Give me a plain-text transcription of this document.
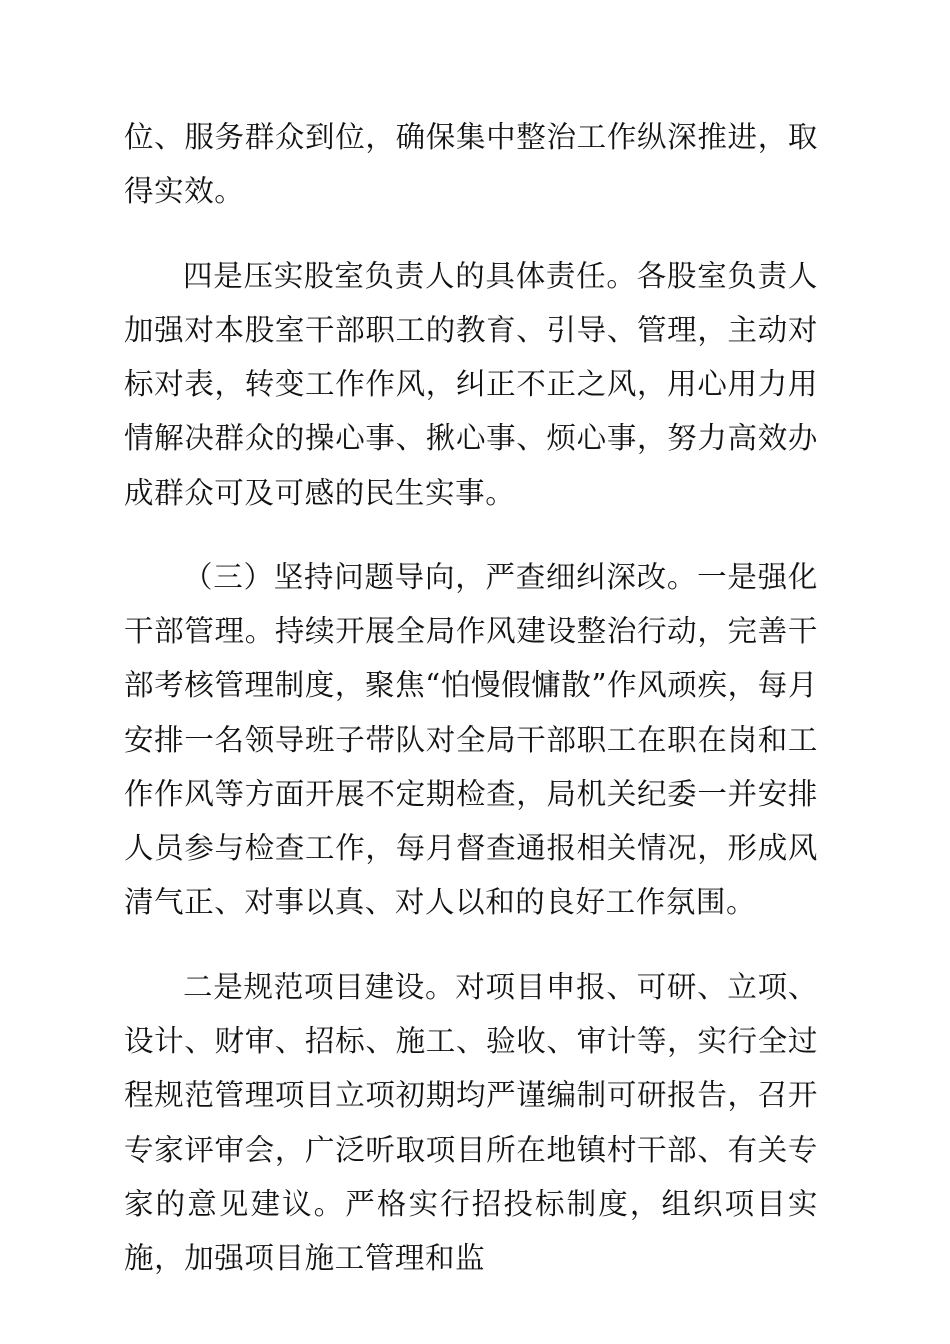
位、服务群众到位，确保集中整治工作纵深推进，取得实效。

四是压实股室负责人的具体责任。各股室负责人加强对本股室干部职工的教育、引导、管理，主动对标对表，转变工作作风，纠正不正之风，用心用力用情解决群众的操心事、揪心事、烦心事，努力高效办成群众可及可感的民生实事。

（三）坚持问题导向，严查细纠深改。一是强化干部管理。持续开展全局作风建设整治行动，完善干部考核管理制度，聚焦“怕慢假慵散”作风顽疾，每月安排一名领导班子带队对全局干部职工在职在岗和工作作风等方面开展不定期检查，局机关纪委一并安排人员参与检查工作，每月督查通报相关情况，形成风清气正、对事以真、对人以和的良好工作氛围。

二是规范项目建设。对项目申报、可研、立项、设计、财审、招标、施工、验收、审计等，实行全过程规范管理项目立项初期均严谨编制可研报告，召开专家评审会，广泛听取项目所在地镇村干部、有关专家的意见建议。严格实行招投标制度，组织项目实施，加强项目施工管理和监
